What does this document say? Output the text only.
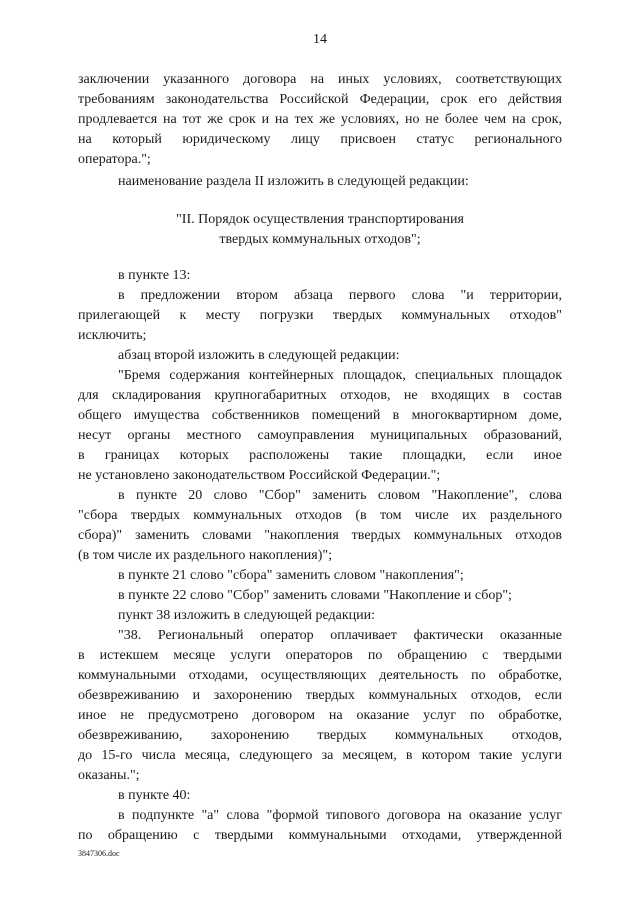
14
заключении указанного договора на иных условиях, соответствующих
требованиям законодательства Российской Федерации, срок его действия
продлевается на тот же срок и на тех же условиях, но не более чем на срок,
на который юридическому лицу присвоен статус регионального
оператора.";
наименование раздела II изложить в следующей редакции:
"II. Порядок осуществления транспортирования
твердых коммунальных отходов";
в пункте 13:
в предложении втором абзаца первого слова "и территории,
прилегающей к месту погрузки твердых коммунальных отходов"
исключить;
абзац второй изложить в следующей редакции:
"Бремя содержания контейнерных площадок, специальных площадок
для складирования крупногабаритных отходов, не входящих в состав
общего имущества собственников помещений в многоквартирном доме,
несут органы местного самоуправления муниципальных образований,
в границах которых расположены такие площадки, если иное
не установлено законодательством Российской Федерации.";
в пункте 20 слово "Сбор" заменить словом "Накопление", слова
"сбора твердых коммунальных отходов (в том числе их раздельного
сбора)" заменить словами "накопления твердых коммунальных отходов
(в том числе их раздельного накопления)";
в пункте 21 слово "сбора" заменить словом "накопления";
в пункте 22 слово "Сбор" заменить словами "Накопление и сбор";
пункт 38 изложить в следующей редакции:
"38. Региональный оператор оплачивает фактически оказанные
в истекшем месяце услуги операторов по обращению с твердыми
коммунальными отходами, осуществляющих деятельность по обработке,
обезвреживанию и захоронению твердых коммунальных отходов, если
иное не предусмотрено договором на оказание услуг по обработке,
обезвреживанию, захоронению твердых коммунальных отходов,
до 15-го числа месяца, следующего за месяцем, в котором такие услуги
оказаны.";
в пункте 40:
в подпункте "а" слова "формой типового договора на оказание услуг
по обращению с твердыми коммунальными отходами, утвержденной
3847306.doc
